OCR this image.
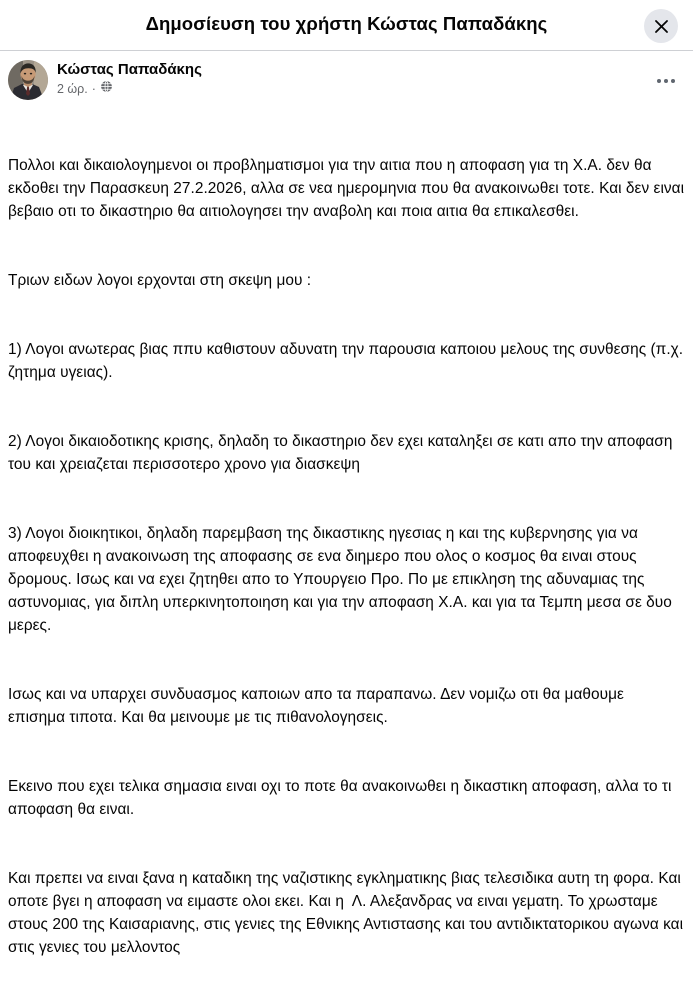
Δημοσίευση του χρήστη Κώστας Παπαδάκης
Κώστας Παπαδάκης
2 ώρ. ·

Πολλοι και δικαιολογημενοι οι προβληματισμοι για την αιτια που η αποφαση για τη Χ.Α. δεν θα εκδοθει την Παρασκευη 27.2.2026, αλλα σε νεα ημερομηνια που θα ανακοινωθει τοτε. Και δεν ειναι βεβαιο οτι το δικαστηριο θα αιτιολογησει την αναβολη και ποια αιτια θα επικαλεσθει.

Τριων ειδων λογοι ερχονται στη σκεψη μου :

1) Λογοι ανωτερας βιας ππυ καθιστουν αδυνατη την παρουσια καποιου μελους της συνθεσης (π.χ. ζητημα υγειας).

2) Λογοι δικαιοδοτικης κρισης, δηλαδη το δικαστηριο δεν εχει καταληξει σε κατι απο την αποφαση του και χρειαζεται περισσοτερο χρονο για διασκεψη

3) Λογοι διοικητικοι, δηλαδη παρεμβαση της δικαστικης ηγεσιας η και της κυβερνησης για να αποφευχθει η ανακοινωση της αποφασης σε ενα διημερο που ολος ο κοσμος θα ειναι στους δρομους. Ισως και να εχει ζητηθει απο το Υπουργειο Προ. Πο με επικληση της αδυναμιας της αστυνομιας, για διπλη υπερκινητοποιηση και για την αποφαση Χ.Α. και για τα Τεμπη μεσα σε δυο μερες.

Ισως και να υπαρχει συνδυασμος καποιων απο τα παραπανω. Δεν νομιζω οτι θα μαθουμε επισημα τιποτα. Και θα μεινουμε με τις πιθανολογησεις.

Εκεινο που εχει τελικα σημασια ειναι οχι το ποτε θα ανακοινωθει η δικαστικη αποφαση, αλλα το τι αποφαση θα ειναι.

Και πρεπει να ειναι ξανα η καταδικη της ναζιστικης εγκληματικης βιας τελεσιδικα αυτη τη φορα. Και οποτε βγει η αποφαση να ειμαστε ολοι εκει. Και η  Λ. Αλεξανδρας να ειναι γεματη. Το χρωσταμε στους 200 της Καισαριανης, στις γενιες της Εθνικης Αντιστασης και του αντιδικτατορικου αγωνα και στις γενιες του μελλοντος
